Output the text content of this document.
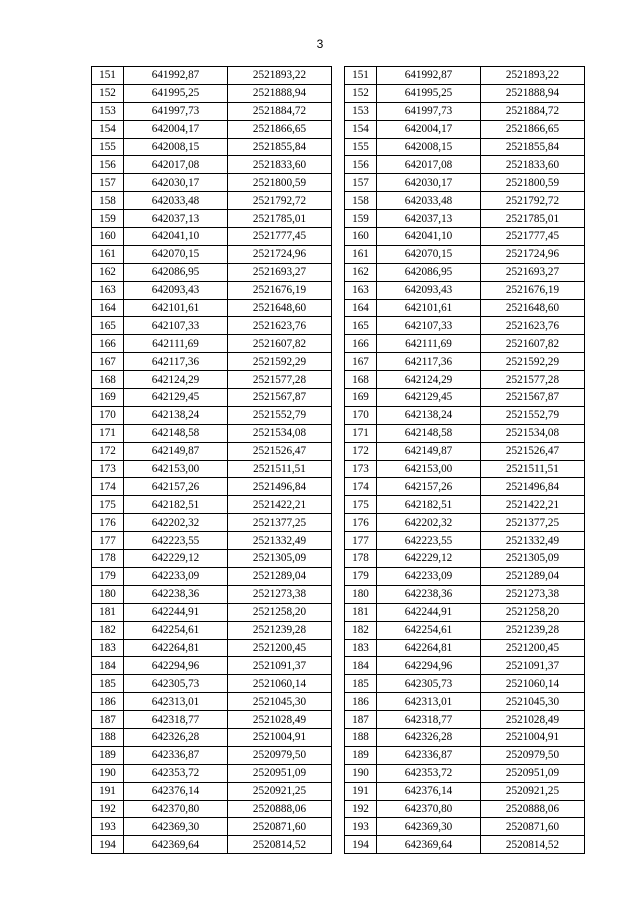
3
151	641992,87	2521893,22
152	641995,25	2521888,94
153	641997,73	2521884,72
154	642004,17	2521866,65
155	642008,15	2521855,84
156	642017,08	2521833,60
157	642030,17	2521800,59
158	642033,48	2521792,72
159	642037,13	2521785,01
160	642041,10	2521777,45
161	642070,15	2521724,96
162	642086,95	2521693,27
163	642093,43	2521676,19
164	642101,61	2521648,60
165	642107,33	2521623,76
166	642111,69	2521607,82
167	642117,36	2521592,29
168	642124,29	2521577,28
169	642129,45	2521567,87
170	642138,24	2521552,79
171	642148,58	2521534,08
172	642149,87	2521526,47
173	642153,00	2521511,51
174	642157,26	2521496,84
175	642182,51	2521422,21
176	642202,32	2521377,25
177	642223,55	2521332,49
178	642229,12	2521305,09
179	642233,09	2521289,04
180	642238,36	2521273,38
181	642244,91	2521258,20
182	642254,61	2521239,28
183	642264,81	2521200,45
184	642294,96	2521091,37
185	642305,73	2521060,14
186	642313,01	2521045,30
187	642318,77	2521028,49
188	642326,28	2521004,91
189	642336,87	2520979,50
190	642353,72	2520951,09
191	642376,14	2520921,25
192	642370,80	2520888,06
193	642369,30	2520871,60
194	642369,64	2520814,52
151	641992,87	2521893,22
152	641995,25	2521888,94
153	641997,73	2521884,72
154	642004,17	2521866,65
155	642008,15	2521855,84
156	642017,08	2521833,60
157	642030,17	2521800,59
158	642033,48	2521792,72
159	642037,13	2521785,01
160	642041,10	2521777,45
161	642070,15	2521724,96
162	642086,95	2521693,27
163	642093,43	2521676,19
164	642101,61	2521648,60
165	642107,33	2521623,76
166	642111,69	2521607,82
167	642117,36	2521592,29
168	642124,29	2521577,28
169	642129,45	2521567,87
170	642138,24	2521552,79
171	642148,58	2521534,08
172	642149,87	2521526,47
173	642153,00	2521511,51
174	642157,26	2521496,84
175	642182,51	2521422,21
176	642202,32	2521377,25
177	642223,55	2521332,49
178	642229,12	2521305,09
179	642233,09	2521289,04
180	642238,36	2521273,38
181	642244,91	2521258,20
182	642254,61	2521239,28
183	642264,81	2521200,45
184	642294,96	2521091,37
185	642305,73	2521060,14
186	642313,01	2521045,30
187	642318,77	2521028,49
188	642326,28	2521004,91
189	642336,87	2520979,50
190	642353,72	2520951,09
191	642376,14	2520921,25
192	642370,80	2520888,06
193	642369,30	2520871,60
194	642369,64	2520814,52
